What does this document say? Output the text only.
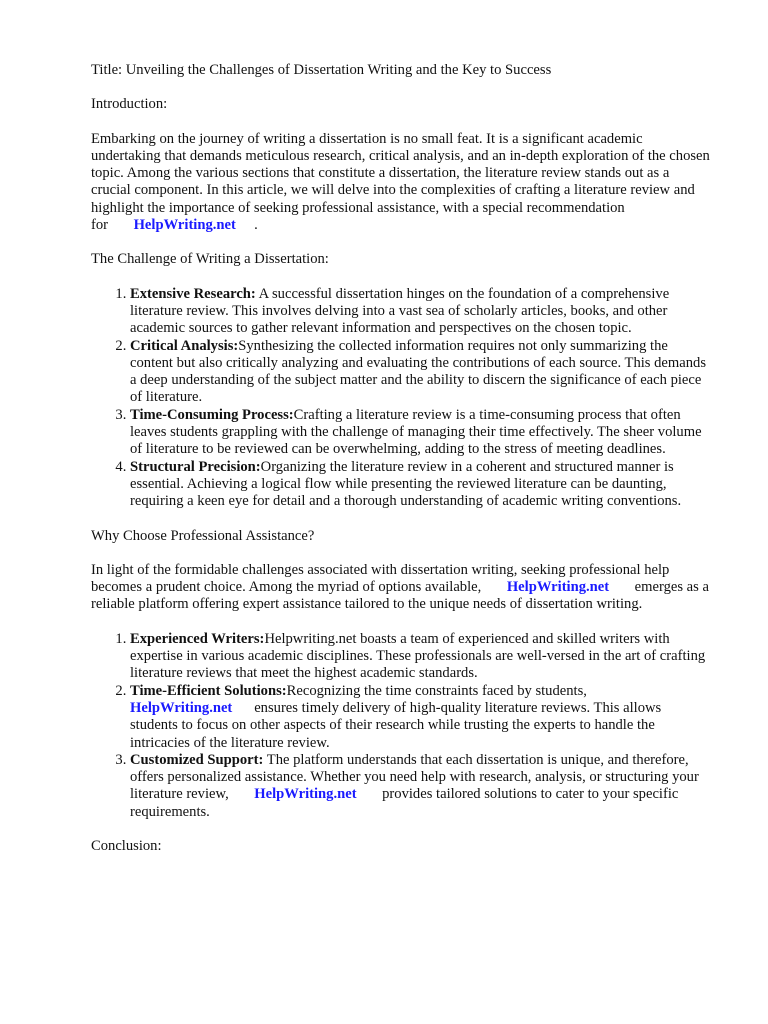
Title: Unveiling the Challenges of Dissertation Writing and the Key to Success

Introduction:

Embarking on the journey of writing a dissertation is no small feat. It is a significant academic undertaking that demands meticulous research, critical analysis, and an in-depth exploration of the chosen topic. Among the various sections that constitute a dissertation, the literature review stands out as a crucial component. In this article, we will delve into the complexities of crafting a literature review and highlight the importance of seeking professional assistance, with a special recommendation for HelpWriting.net .

The Challenge of Writing a Dissertation:

1. Extensive Research: A successful dissertation hinges on the foundation of a comprehensive literature review. This involves delving into a vast sea of scholarly articles, books, and other academic sources to gather relevant information and perspectives on the chosen topic.
2. Critical Analysis:Synthesizing the collected information requires not only summarizing the content but also critically analyzing and evaluating the contributions of each source. This demands a deep understanding of the subject matter and the ability to discern the significance of each piece of literature.
3. Time-Consuming Process:Crafting a literature review is a time-consuming process that often leaves students grappling with the challenge of managing their time effectively. The sheer volume of literature to be reviewed can be overwhelming, adding to the stress of meeting deadlines.
4. Structural Precision:Organizing the literature review in a coherent and structured manner is essential. Achieving a logical flow while presenting the reviewed literature can be daunting, requiring a keen eye for detail and a thorough understanding of academic writing conventions.

Why Choose Professional Assistance?

In light of the formidable challenges associated with dissertation writing, seeking professional help becomes a prudent choice. Among the myriad of options available, HelpWriting.net emerges as a reliable platform offering expert assistance tailored to the unique needs of dissertation writing.

1. Experienced Writers:Helpwriting.net boasts a team of experienced and skilled writers with expertise in various academic disciplines. These professionals are well-versed in the art of crafting literature reviews that meet the highest academic standards.
2. Time-Efficient Solutions:Recognizing the time constraints faced by students,
HelpWriting.net ensures timely delivery of high-quality literature reviews. This allows students to focus on other aspects of their research while trusting the experts to handle the intricacies of the literature review.
3. Customized Support: The platform understands that each dissertation is unique, and therefore, offers personalized assistance. Whether you need help with research, analysis, or structuring your literature review, HelpWriting.net provides tailored solutions to cater to your specific requirements.

Conclusion:
